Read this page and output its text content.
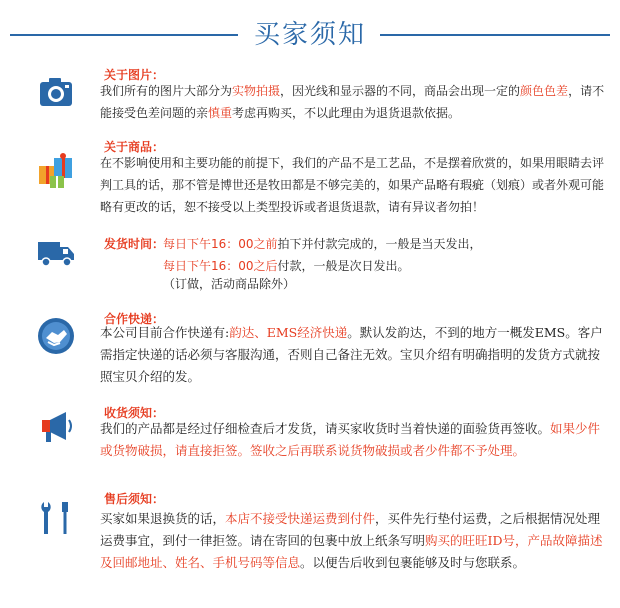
买家须知
关于图片：
我们所有的图片大部分为实物拍摄，因光线和显示器的不同，商品会出现一定的颜色色差，请不能接受色差问题的亲慎重考虑再购买，不以此理由为退货退款依据。
关于商品：
在不影响使用和主要功能的前提下，我们的产品不是工艺品，不是摆着欣赏的，如果用眼睛去评判工具的话，那不管是博世还是牧田都是不够完美的，如果产品略有瑕疵（划痕）或者外观可能略有更改的话，恕不接受以上类型投诉或者退货退款，请有异议者勿拍！
发货时间：
每日下午16：00之前拍下并付款完成的，一般是当天发出，
每日下午16：00之后付款，一般是次日发出。
（订做，活动商品除外）
合作快递：
本公司目前合作快递有:韵达、EMS经济快递。默认发韵达，不到的地方一概发EMS。客户需指定快递的话必须与客服沟通，否则自己备注无效。宝贝介绍有明确指明的发货方式就按照宝贝介绍的发。
收货须知：
我们的产品都是经过仔细检查后才发货，请买家收货时当着快递的面验货再签收。如果少件或货物破损，请直接拒签。签收之后再联系说货物破损或者少件都不予处理。
售后须知：
买家如果退换货的话，本店不接受快递运费到付件，买件先行垫付运费，之后根据情况处理运费事宜，到付一律拒签。请在寄回的包裹中放上纸条写明购买的旺旺ID号，产品故障描述及回邮地址、姓名、手机号码等信息。以便告后收到包裹能够及时与您联系。
